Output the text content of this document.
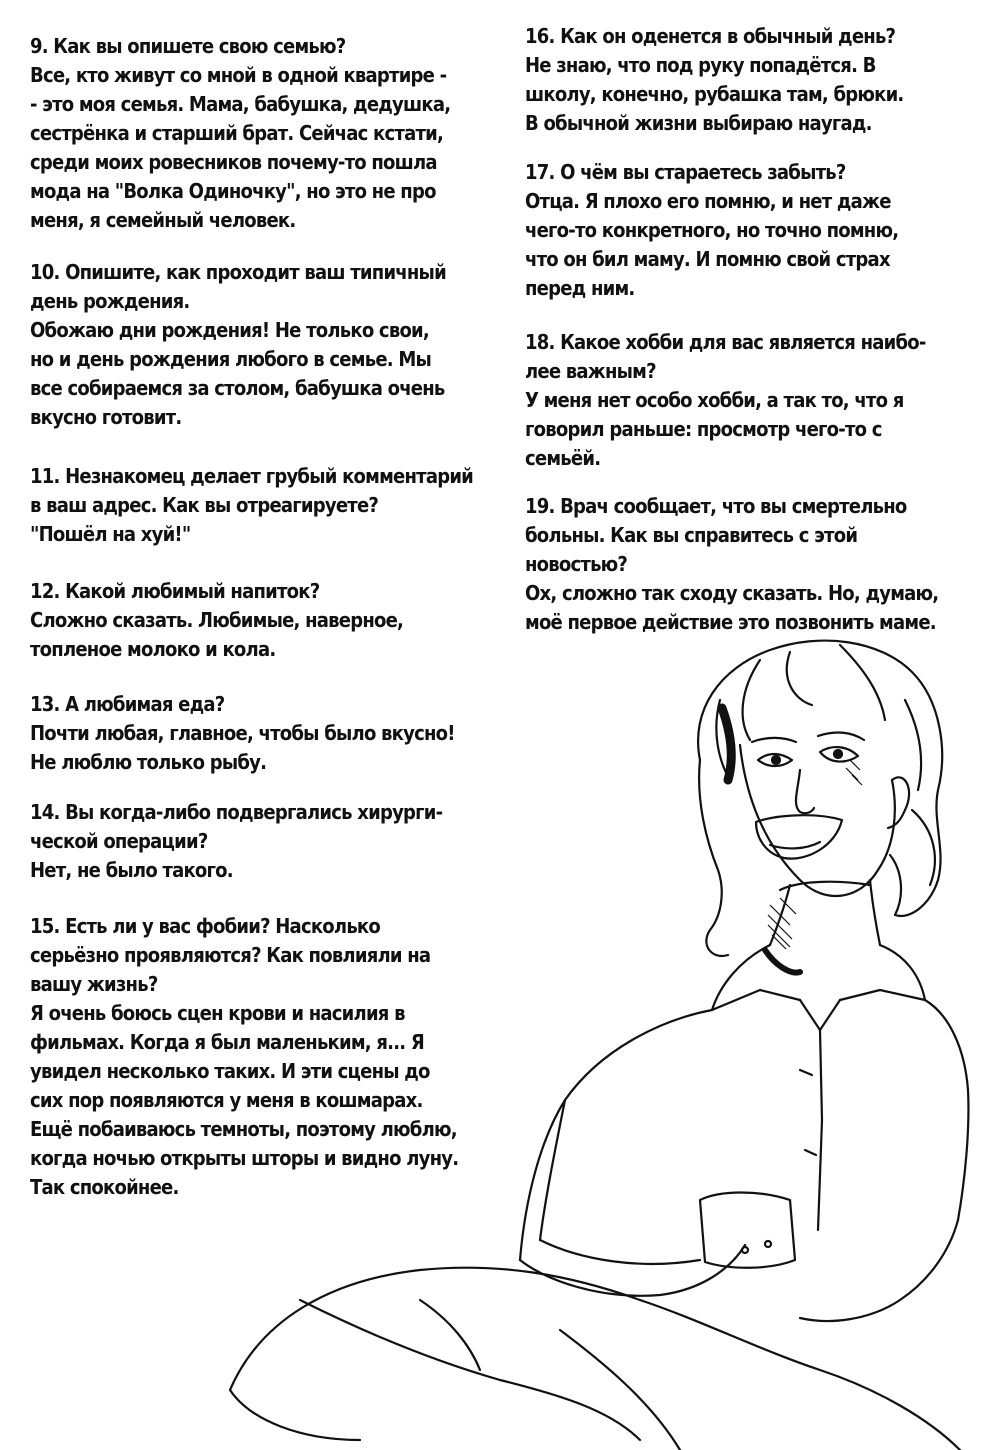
9. Как вы опишете свою семью?
Все, кто живут со мной в одной квартире -
- это моя семья. Мама, бабушка, дедушка,
сестрёнка и старший брат. Сейчас кстати,
среди моих ровесников почему-то пошла
мода на "Волка Одиночку", но это не про
меня, я семейный человек.
10. Опишите, как проходит ваш типичный
день рождения.
Обожаю дни рождения! Не только свои,
но и день рождения любого в семье. Мы
все собираемся за столом, бабушка очень
вкусно готовит.
11. Незнакомец делает грубый комментарий
в ваш адрес. Как вы отреагируете?
"Пошёл на хуй!"
12. Какой любимый напиток?
Сложно сказать. Любимые, наверное,
топленое молоко и кола.
13. А любимая еда?
Почти любая, главное, чтобы было вкусно!
Не люблю только рыбу.
14. Вы когда-либо подвергались хирурги-
ческой операции?
Нет, не было такого.
15. Есть ли у вас фобии? Насколько
серьёзно проявляются? Как повлияли на
вашу жизнь?
Я очень боюсь сцен крови и насилия в
фильмах. Когда я был маленьким, я... Я
увидел несколько таких. И эти сцены до
сих пор появляются у меня в кошмарах.
Ещё побаиваюсь темноты, поэтому люблю,
когда ночью открыты шторы и видно луну.
Так спокойнее.
16. Как он оденется в обычный день?
Не знаю, что под руку попадётся. В
школу, конечно, рубашка там, брюки.
В обычной жизни выбираю наугад.
17. О чём вы стараетесь забыть?
Отца. Я плохо его помню, и нет даже
чего-то конкретного, но точно помню,
что он бил маму. И помню свой страх
перед ним.
18. Какое хобби для вас является наибо-
лее важным?
У меня нет особо хобби, а так то, что я
говорил раньше: просмотр чего-то с
семьёй.
19. Врач сообщает, что вы смертельно
больны. Как вы справитесь с этой
новостью?
Ох, сложно так сходу сказать. Но, думаю,
моё первое действие это позвонить маме.
